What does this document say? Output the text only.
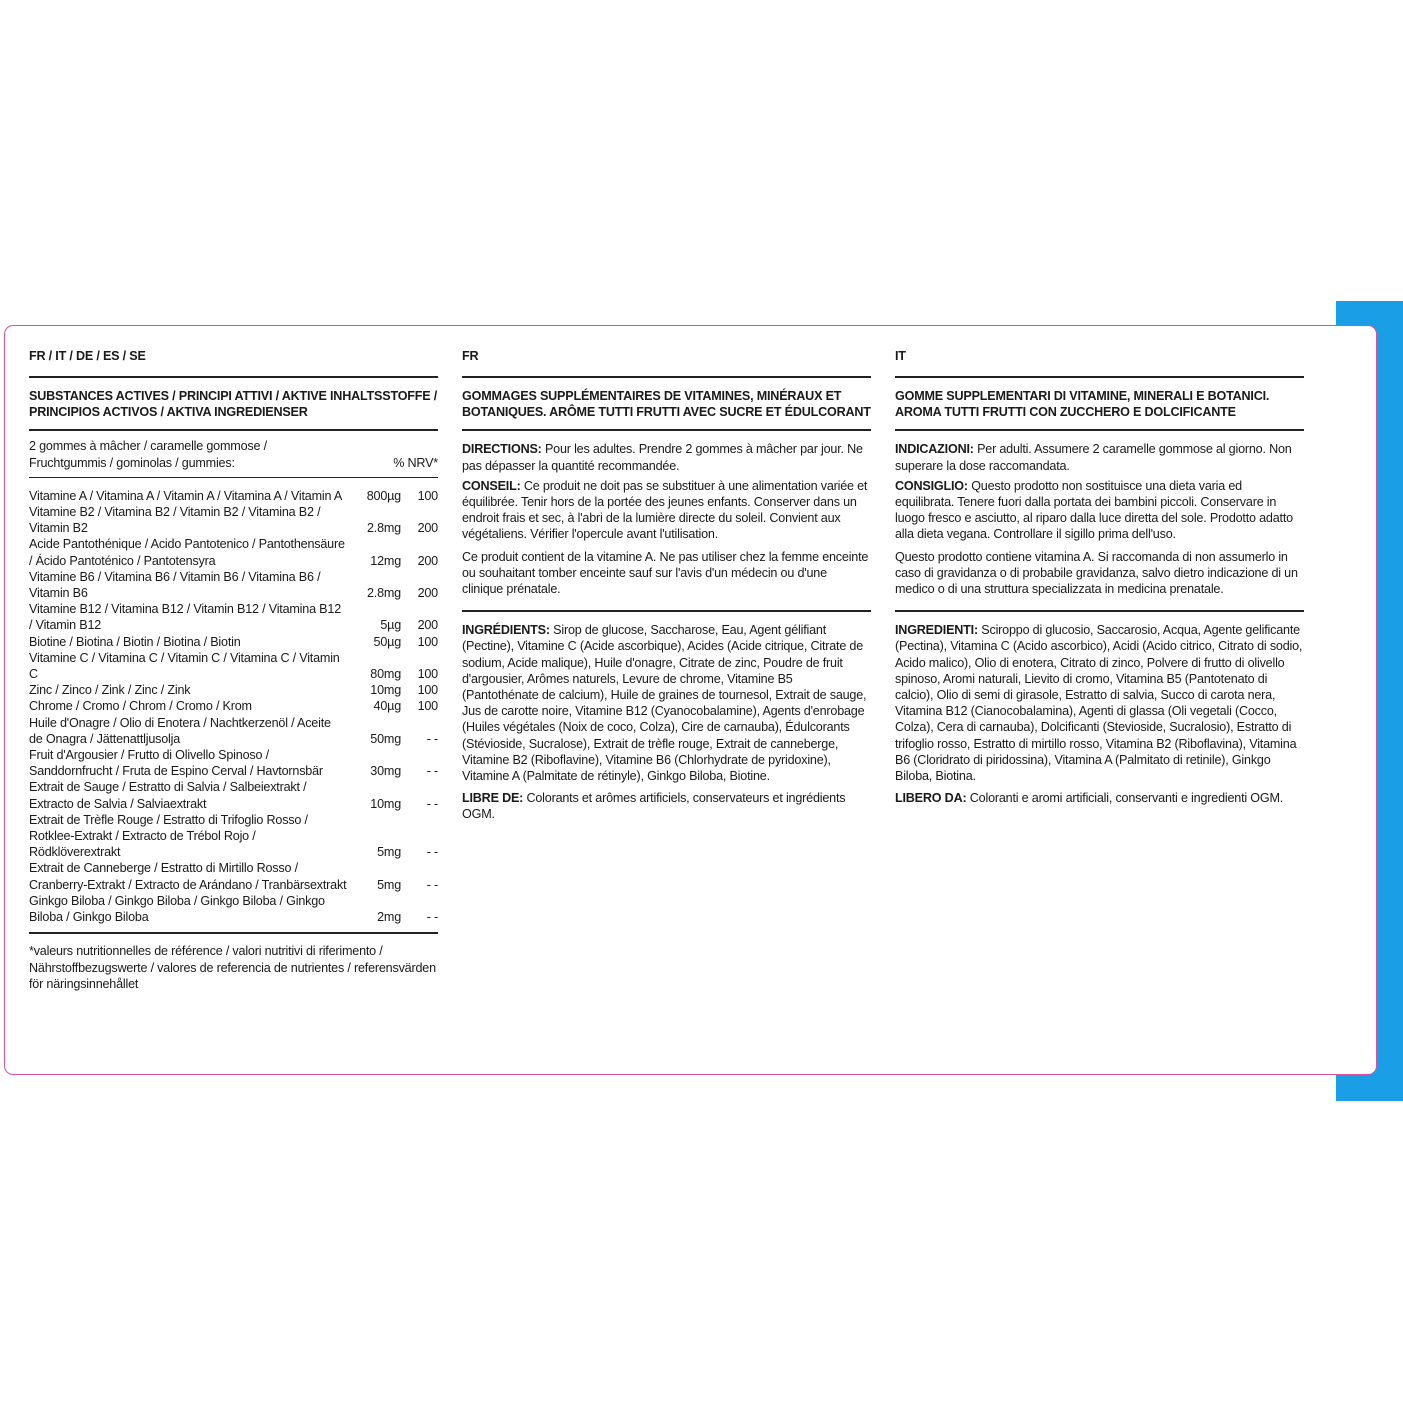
FR / IT / DE / ES / SE
SUBSTANCES ACTIVES / PRINCIPI ATTIVI / AKTIVE INHALTSSTOFFE / PRINCIPIOS ACTIVOS / AKTIVA INGREDIENSER
2 gommes à mâcher / caramelle gommose / Fruchtgummis / gominolas / gummies:	% NRV*
Vitamine A / Vitamina A / Vitamin A / Vitamina A / Vitamin A	800µg	100
Vitamine B2 / Vitamina B2 / Vitamin B2 / Vitamina B2 / Vitamin B2	2.8mg	200
Acide Pantothénique / Acido Pantotenico / Pantothensäure / Ácido Pantoténico / Pantotensyra	12mg	200
Vitamine B6 / Vitamina B6 / Vitamin B6 / Vitamina B6 / Vitamin B6	2.8mg	200
Vitamine B12 / Vitamina B12 / Vitamin B12 / Vitamina B12 / Vitamin B12	5µg	200
Biotine / Biotina / Biotin / Biotina / Biotin	50µg	100
Vitamine C / Vitamina C / Vitamin C / Vitamina C / Vitamin C	80mg	100
Zinc / Zinco / Zink / Zinc / Zink	10mg	100
Chrome / Cromo / Chrom / Cromo / Krom	40µg	100
Huile d'Onagre / Olio di Enotera / Nachtkerzenöl / Aceite de Onagra / Jättenattljusolja	50mg	- -
Fruit d'Argousier / Frutto di Olivello Spinoso / Sanddornfrucht / Fruta de Espino Cerval / Havtornsbär	30mg	- -
Extrait de Sauge / Estratto di Salvia / Salbeiextrakt / Extracto de Salvia / Salviaextrakt	10mg	- -
Extrait de Trèfle Rouge / Estratto di Trifoglio Rosso / Rotklee-Extrakt / Extracto de Trébol Rojo / Rödklöverextrakt	5mg	- -
Extrait de Canneberge / Estratto di Mirtillo Rosso / Cranberry-Extrakt / Extracto de Arándano / Tranbärsextrakt	5mg	- -
Ginkgo Biloba / Ginkgo Biloba / Ginkgo Biloba / Ginkgo Biloba / Ginkgo Biloba	2mg	- -
*valeurs nutritionnelles de référence / valori nutritivi di riferimento / Nährstoffbezugswerte / valores de referencia de nutrientes / referensvärden för näringsinnehållet
FR
GOMMAGES SUPPLÉMENTAIRES DE VITAMINES, MINÉRAUX ET BOTANIQUES. ARÔME TUTTI FRUTTI AVEC SUCRE ET ÉDULCORANT

DIRECTIONS: Pour les adultes. Prendre 2 gommes à mâcher par jour. Ne pas dépasser la quantité recommandée.

CONSEIL: Ce produit ne doit pas se substituer à une alimentation variée et équilibrée. Tenir hors de la portée des jeunes enfants. Conserver dans un endroit frais et sec, à l'abri de la lumière directe du soleil. Convient aux végétaliens. Vérifier l'opercule avant l'utilisation.

Ce produit contient de la vitamine A. Ne pas utiliser chez la femme enceinte ou souhaitant tomber enceinte sauf sur l'avis d'un médecin ou d'une clinique prénatale.

INGRÉDIENTS: Sirop de glucose, Saccharose, Eau, Agent gélifiant (Pectine), Vitamine C (Acide ascorbique), Acides (Acide citrique, Citrate de sodium, Acide malique), Huile d'onagre, Citrate de zinc, Poudre de fruit d'argousier, Arômes naturels, Levure de chrome, Vitamine B5 (Pantothénate de calcium), Huile de graines de tournesol, Extrait de sauge, Jus de carotte noire, Vitamine B12 (Cyanocobalamine), Agents d'enrobage (Huiles végétales (Noix de coco, Colza), Cire de carnauba), Édulcorants (Stévioside, Sucralose), Extrait de trèfle rouge, Extrait de canneberge, Vitamine B2 (Riboflavine), Vitamine B6 (Chlorhydrate de pyridoxine), Vitamine A (Palmitate de rétinyle), Ginkgo Biloba, Biotine.

LIBRE DE: Colorants et arômes artificiels, conservateurs et ingrédients OGM.

IT
GOMME SUPPLEMENTARI DI VITAMINE, MINERALI E BOTANICI. AROMA TUTTI FRUTTI CON ZUCCHERO E DOLCIFICANTE

INDICAZIONI: Per adulti. Assumere 2 caramelle gommose al giorno. Non superare la dose raccomandata.

CONSIGLIO: Questo prodotto non sostituisce una dieta varia ed equilibrata. Tenere fuori dalla portata dei bambini piccoli. Conservare in luogo fresco e asciutto, al riparo dalla luce diretta del sole. Prodotto adatto alla dieta vegana. Controllare il sigillo prima dell'uso.

Questo prodotto contiene vitamina A. Si raccomanda di non assumerlo in caso di gravidanza o di probabile gravidanza, salvo dietro indicazione di un medico o di una struttura specializzata in medicina prenatale.

INGREDIENTI: Sciroppo di glucosio, Saccarosio, Acqua, Agente gelificante (Pectina), Vitamina C (Acido ascorbico), Acidi (Acido citrico, Citrato di sodio, Acido malico), Olio di enotera, Citrato di zinco, Polvere di frutto di olivello spinoso, Aromi naturali, Lievito di cromo, Vitamina B5 (Pantotenato di calcio), Olio di semi di girasole, Estratto di salvia, Succo di carota nera, Vitamina B12 (Cianocobalamina), Agenti di glassa (Oli vegetali (Cocco, Colza), Cera di carnauba), Dolcificanti (Stevioside, Sucralosio), Estratto di trifoglio rosso, Estratto di mirtillo rosso, Vitamina B2 (Riboflavina), Vitamina B6 (Cloridrato di piridossina), Vitamina A (Palmitato di retinile), Ginkgo Biloba, Biotina.

LIBERO DA: Coloranti e aromi artificiali, conservanti e ingredienti OGM.
